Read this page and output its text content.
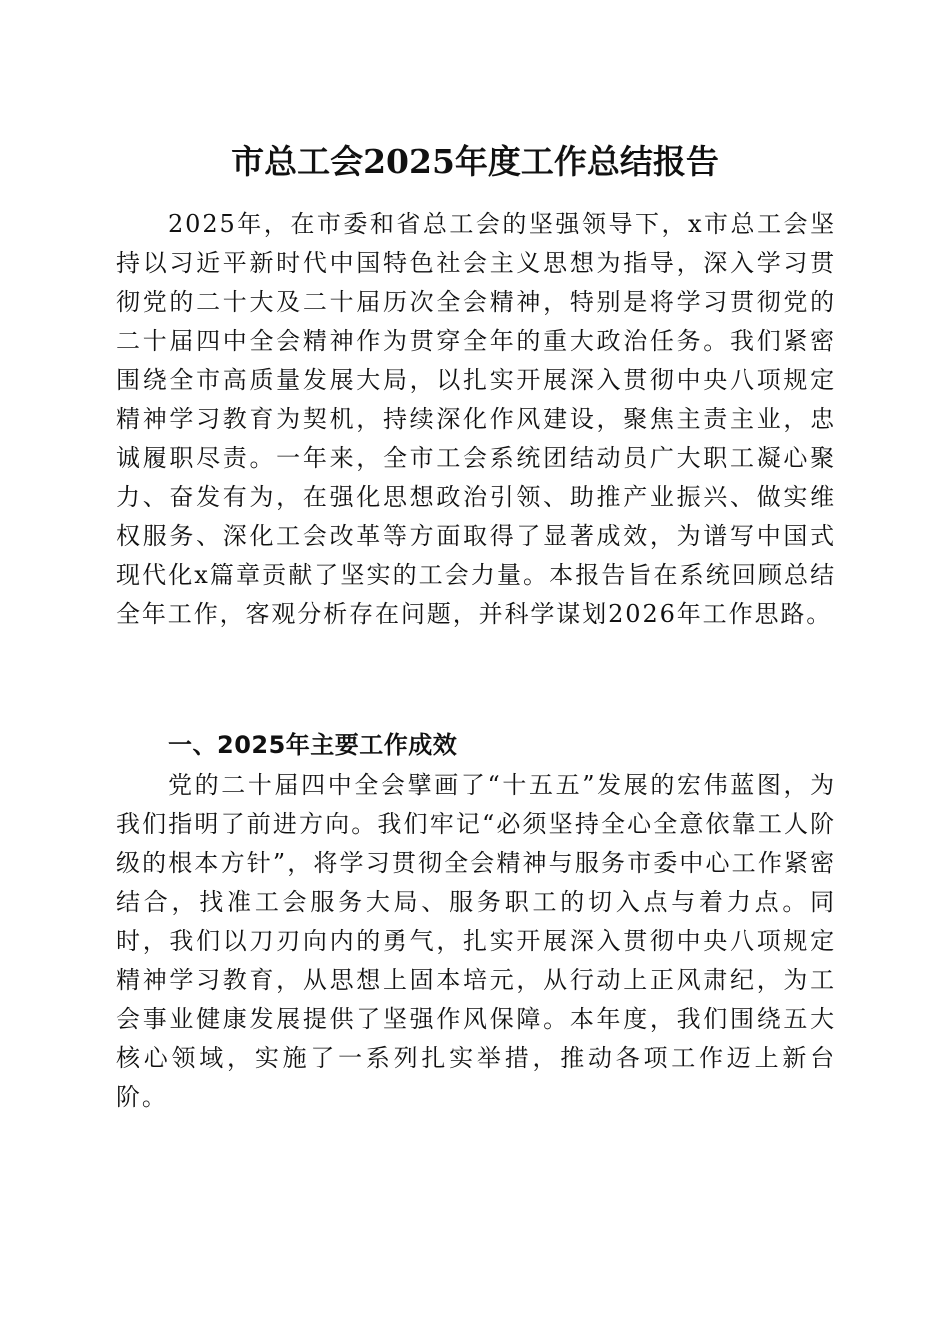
市总工会2025年度工作总结报告

2025年，在市委和省总工会的坚强领导下，x市总工会坚持以习近平新时代中国特色社会主义思想为指导，深入学习贯彻党的二十大及二十届历次全会精神，特别是将学习贯彻党的二十届四中全会精神作为贯穿全年的重大政治任务。我们紧密围绕全市高质量发展大局，以扎实开展深入贯彻中央八项规定精神学习教育为契机，持续深化作风建设，聚焦主责主业，忠诚履职尽责。一年来，全市工会系统团结动员广大职工凝心聚力、奋发有为，在强化思想政治引领、助推产业振兴、做实维权服务、深化工会改革等方面取得了显著成效，为谱写中国式现代化x篇章贡献了坚实的工会力量。本报告旨在系统回顾总结全年工作，客观分析存在问题，并科学谋划2026年工作思路。

一、2025年主要工作成效

党的二十届四中全会擘画了“十五五”发展的宏伟蓝图，为我们指明了前进方向。我们牢记“必须坚持全心全意依靠工人阶级的根本方针”，将学习贯彻全会精神与服务市委中心工作紧密结合，找准工会服务大局、服务职工的切入点与着力点。同时，我们以刀刃向内的勇气，扎实开展深入贯彻中央八项规定精神学习教育，从思想上固本培元，从行动上正风肃纪，为工会事业健康发展提供了坚强作风保障。本年度，我们围绕五大核心领域，实施了一系列扎实举措，推动各项工作迈上新台阶。
